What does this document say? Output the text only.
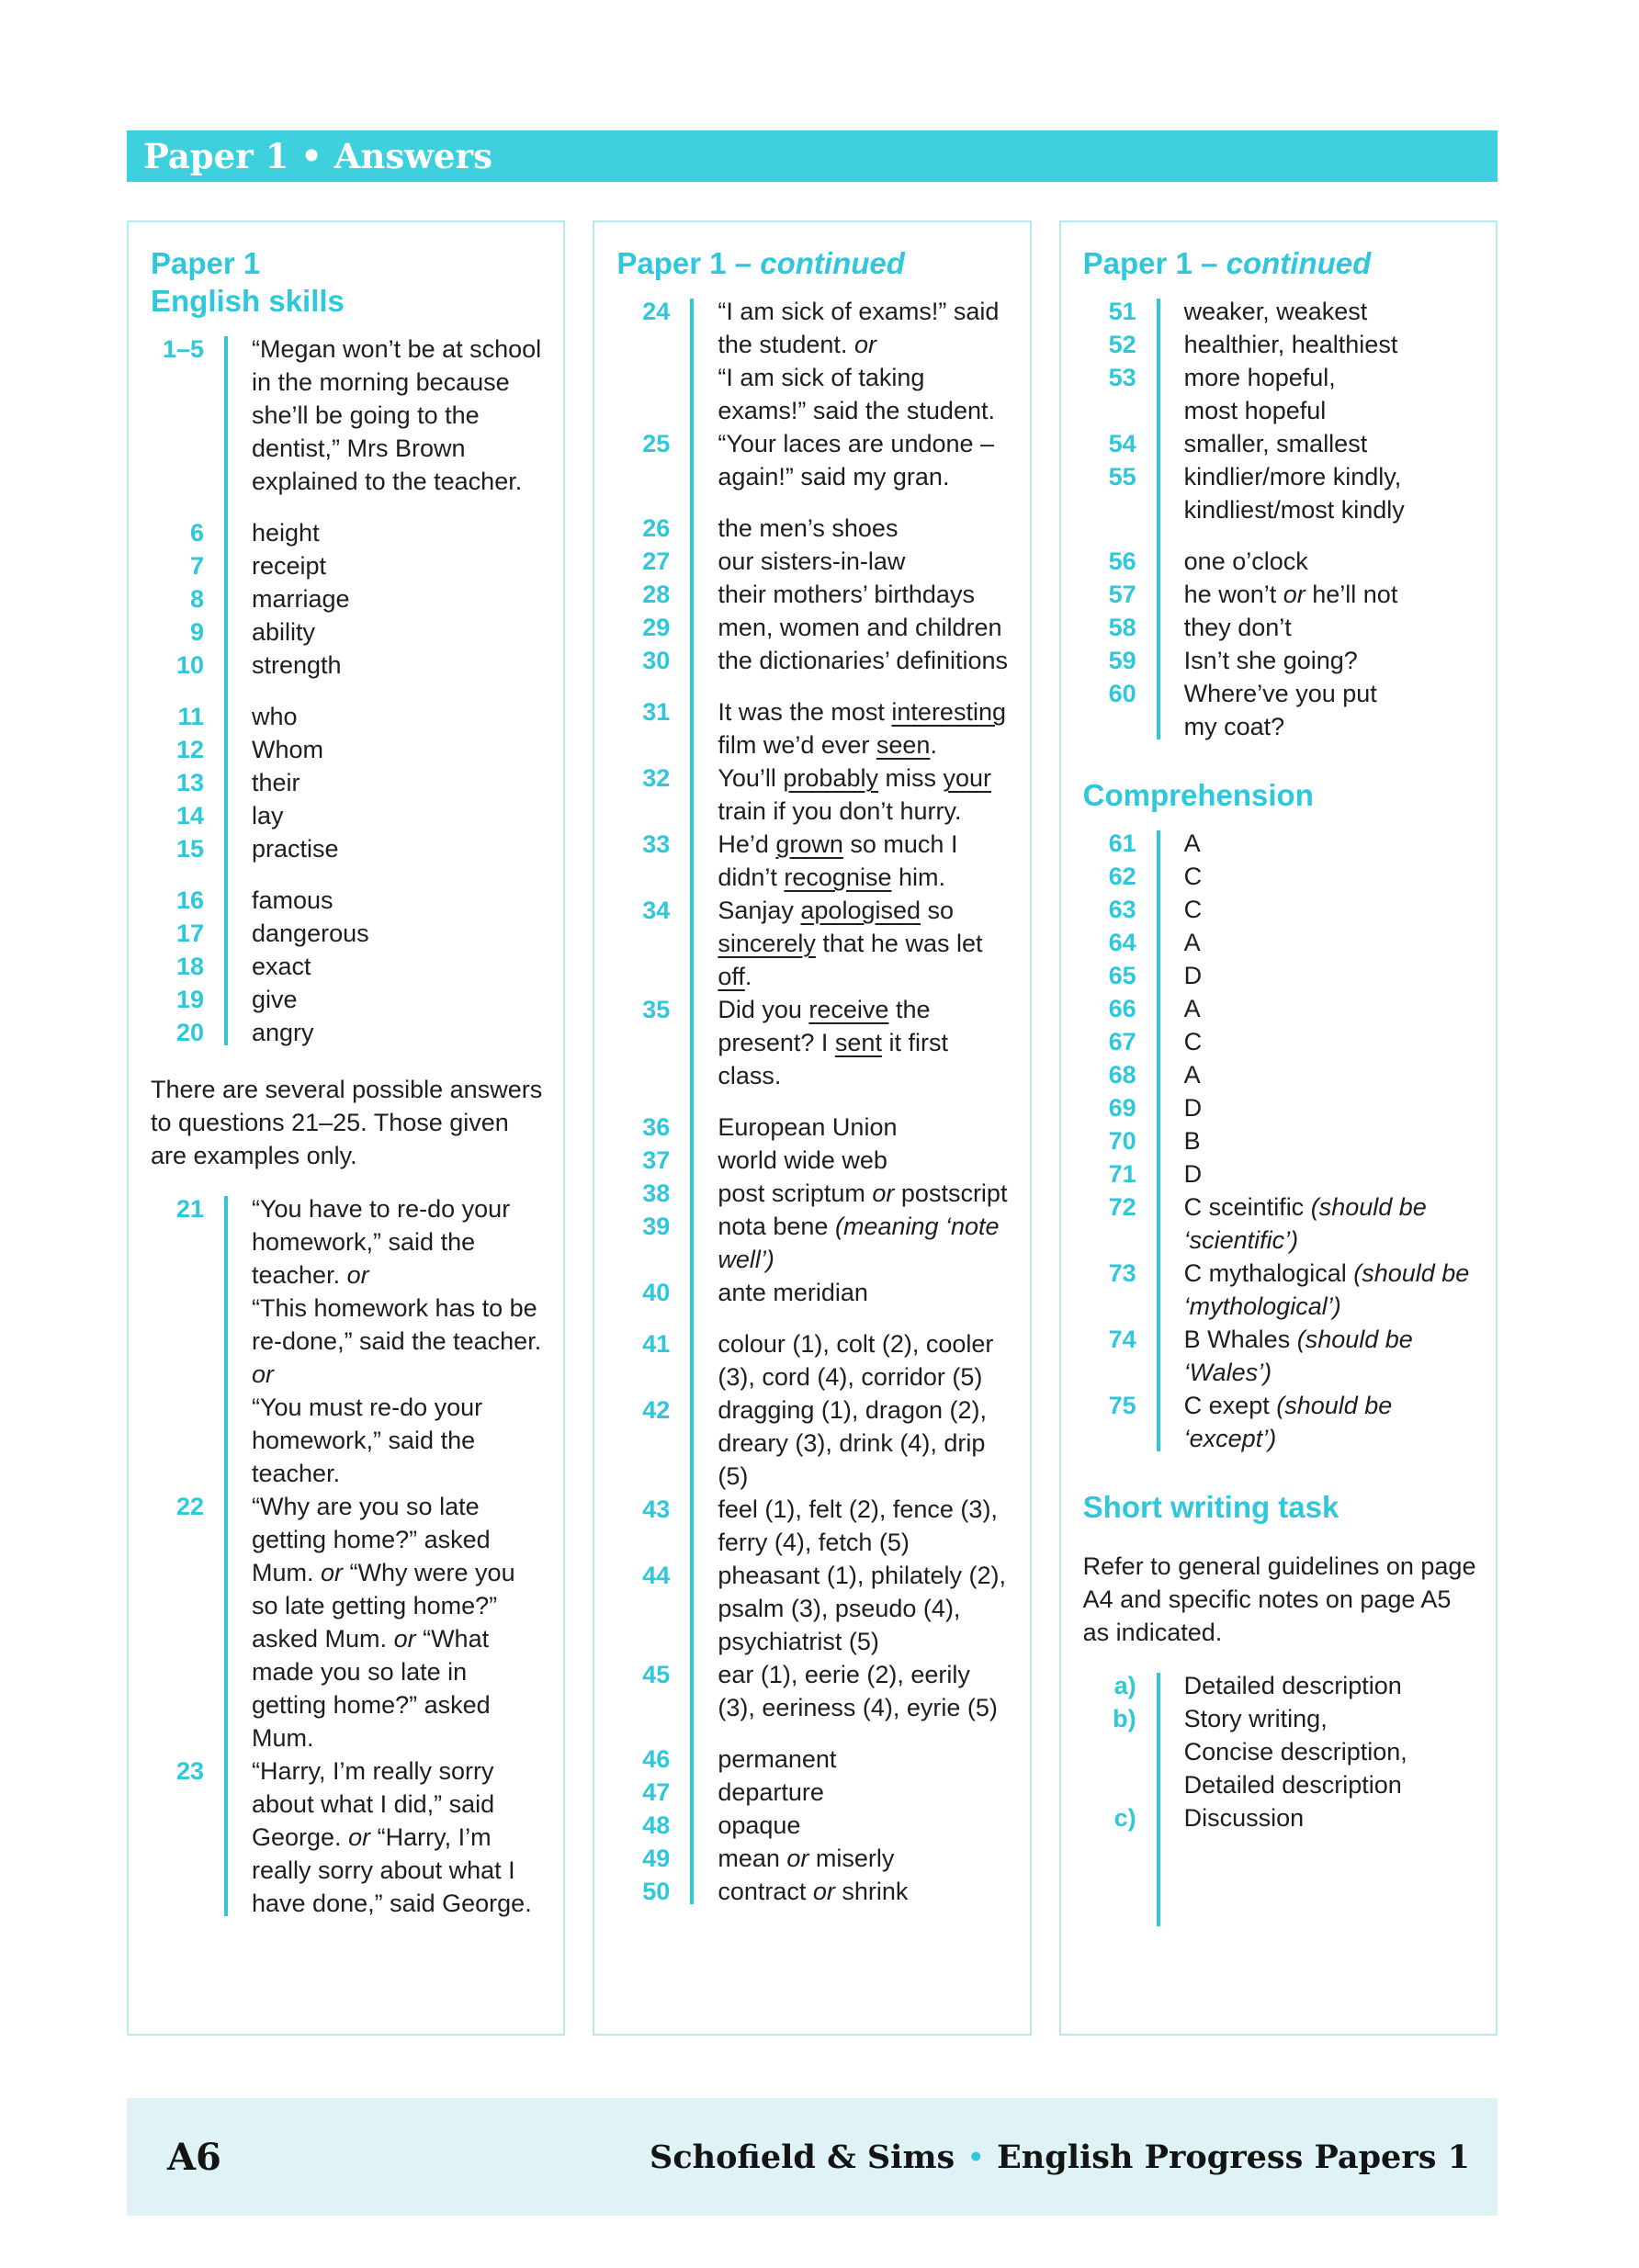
Paper 1 • Answers
Paper 1
English skills
1–5	“Megan won’t be at school in the morning because she’ll be going to the dentist,” Mrs Brown explained to the teacher.
6	height
7	receipt
8	marriage
9	ability
10	strength
11	who
12	Whom
13	their
14	lay
15	practise
16	famous
17	dangerous
18	exact
19	give
20	angry

There are several possible answers to questions 21–25. Those given are examples only.

21	“You have to re-do your homework,” said the teacher. or
“This homework has to be re-done,” said the teacher. or
“You must re-do your homework,” said the teacher.
22	“Why are you so late getting home?” asked Mum. or “Why were you so late getting home?” asked Mum. or “What made you so late in getting home?” asked Mum.
23	“Harry, I’m really sorry about what I did,” said George. or “Harry, I’m really sorry about what I have done,” said George.
Paper 1 – continued
24	“I am sick of exams!” said the student. or
“I am sick of taking exams!” said the student.
25	“Your laces are undone – again!” said my gran.
26	the men’s shoes
27	our sisters-in-law
28	their mothers’ birthdays
29	men, women and children
30	the dictionaries’ definitions
31	It was the most interesting film we’d ever seen.
32	You’ll probably miss your train if you don’t hurry.
33	He’d grown so much I didn’t recognise him.
34	Sanjay apologised so sincerely that he was let off.
35	Did you receive the present? I sent it first class.
36	European Union
37	world wide web
38	post scriptum or postscript
39	nota bene (meaning ‘note well’)
40	ante meridian
41	colour (1), colt (2), cooler (3), cord (4), corridor (5)
42	dragging (1), dragon (2), dreary (3), drink (4), drip (5)
43	feel (1), felt (2), fence (3), ferry (4), fetch (5)
44	pheasant (1), philately (2), psalm (3), pseudo (4), psychiatrist (5)
45	ear (1), eerie (2), eerily (3), eeriness (4), eyrie (5)
46	permanent
47	departure
48	opaque
49	mean or miserly
50	contract or shrink
Paper 1 – continued
51	weaker, weakest
52	healthier, healthiest
53	more hopeful,
most hopeful
54	smaller, smallest
55	kindlier/more kindly,
kindliest/most kindly
56	one o’clock
57	he won’t or he’ll not
58	they don’t
59	Isn’t she going?
60	Where’ve you put
my coat?
Comprehension
61	A
62	C
63	C
64	A
65	D
66	A
67	C
68	A
69	D
70	B
71	D
72	C sceintific (should be ‘scientific’)
73	C mythalogical (should be ‘mythological’)
74	B Whales (should be ‘Wales’)
75	C exept (should be ‘except’)
Short writing task

Refer to general guidelines on page A4 and specific notes on page A5 as indicated.

a)	Detailed description
b)	Story writing,
Concise description,
Detailed description
c)	Discussion
A6	Schofield & Sims • English Progress Papers 1
